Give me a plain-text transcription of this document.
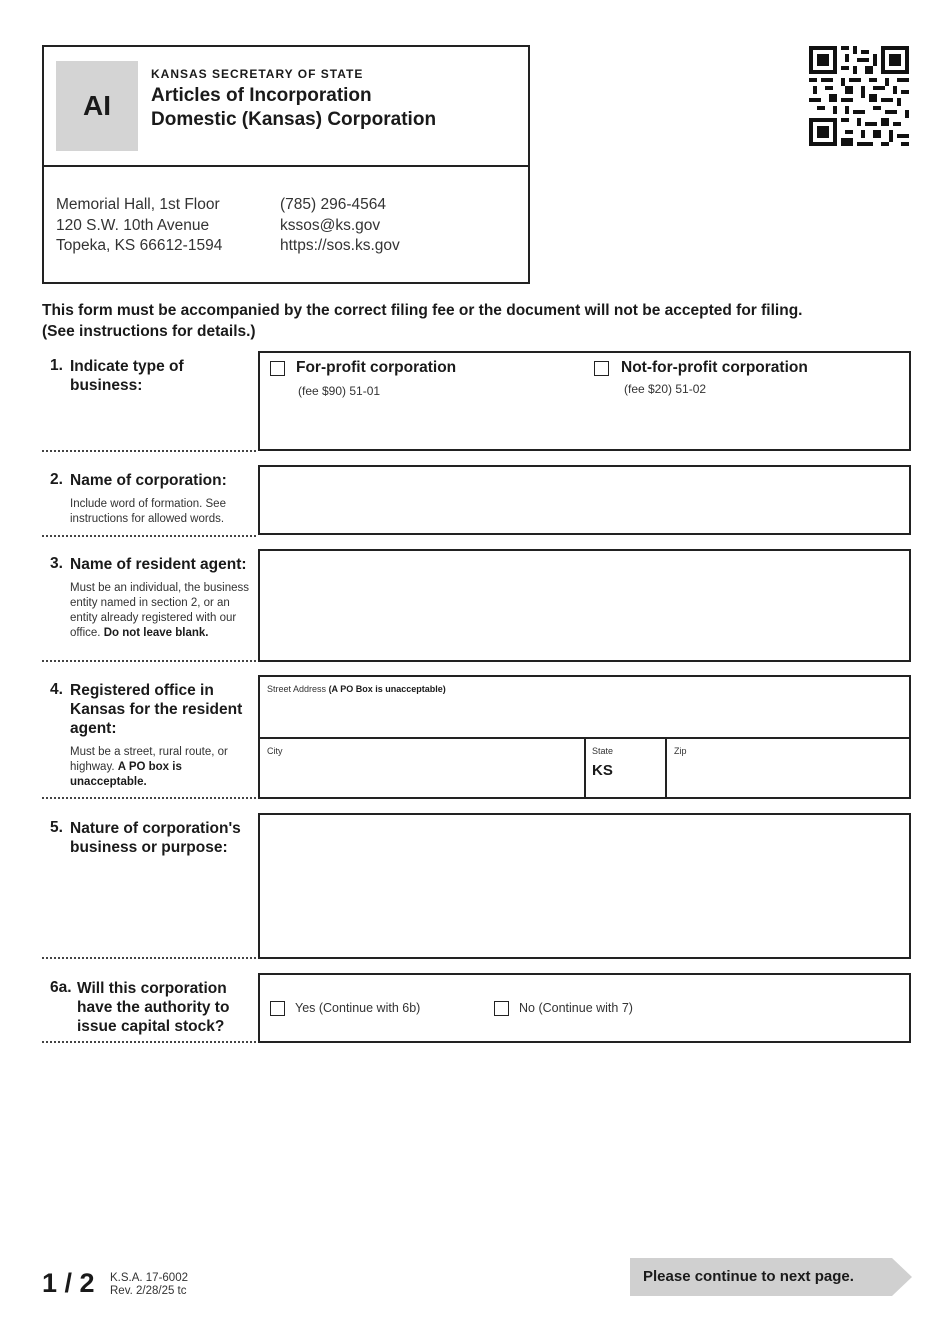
AI
KANSAS SECRETARY OF STATE
Articles of Incorporation
Domestic (Kansas) Corporation
Memorial Hall, 1st Floor
120 S.W. 10th Avenue
Topeka, KS 66612-1594
(785) 296-4564
kssos@ks.gov
https://sos.ks.gov
This form must be accompanied by the correct filing fee or the document will not be accepted for filing.
(See instructions for details.)
1. Indicate type of business:
For-profit corporation
(fee $90) 51-01
Not-for-profit corporation
(fee $20) 51-02
2. Name of corporation:
Include word of formation. See instructions for allowed words.
3. Name of resident agent:
Must be an individual, the business entity named in section 2, or an entity already registered with our office. Do not leave blank.
4. Registered office in Kansas for the resident agent:
Must be a street, rural route, or highway. A PO box is unacceptable.
Street Address (A PO Box is unacceptable)
City	State
KS
Zip
5. Nature of corporation's business or purpose:
6a. Will this corporation have the authority to issue capital stock?
Yes (Continue with 6b)	No (Continue with 7)
1 / 2 K.S.A. 17-6002
Rev. 2/28/25 tc
Please continue to next page.
